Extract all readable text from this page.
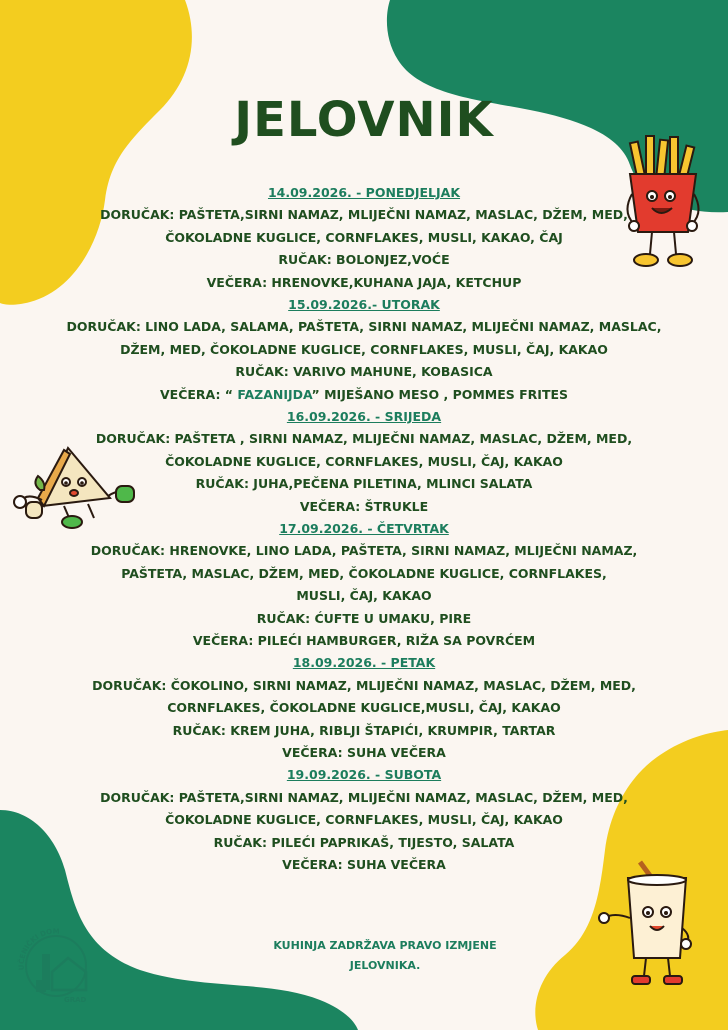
JELOVNIK
14.09.2026. - PONEDJELJAK
DORUČAK: PAŠTETA,SIRNI NAMAZ, MLIJEČNI NAMAZ, MASLAC, DŽEM, MED,
ČOKOLADNE KUGLICE, CORNFLAKES, MUSLI, KAKAO, ČAJ
RUČAK: BOLONJEZ,VOĆE
VEČERA: HRENOVKE,KUHANA JAJA, KETCHUP
15.09.2026.- UTORAK
DORUČAK: LINO LADA, SALAMA, PAŠTETA, SIRNI NAMAZ, MLIJEČNI NAMAZ, MASLAC,
DŽEM, MED, ČOKOLADNE KUGLICE, CORNFLAKES, MUSLI, ČAJ, KAKAO
RUČAK: VARIVO MAHUNE, KOBASICA
VEČERA: “ FAZANIJDA” MIJEŠANO MESO , POMMES FRITES
16.09.2026. - SRIJEDA
DORUČAK: PAŠTETA , SIRNI NAMAZ, MLIJEČNI NAMAZ, MASLAC, DŽEM, MED,
ČOKOLADNE KUGLICE, CORNFLAKES, MUSLI, ČAJ, KAKAO
RUČAK: JUHA,PEČENA PILETINA, MLINCI SALATA
VEČERA: ŠTRUKLE
17.09.2026. - ČETVRTAK
DORUČAK: HRENOVKE, LINO LADA, PAŠTETA, SIRNI NAMAZ, MLIJEČNI NAMAZ,
PAŠTETA, MASLAC, DŽEM, MED, ČOKOLADNE KUGLICE, CORNFLAKES,
MUSLI, ČAJ, KAKAO
RUČAK: ĆUFTE U UMAKU, PIRE
VEČERA: PILEĆI HAMBURGER, RIŽA SA POVRĆEM
18.09.2026. - PETAK
DORUČAK: ČOKOLINO, SIRNI NAMAZ, MLIJEČNI NAMAZ, MASLAC, DŽEM, MED,
CORNFLAKES, ČOKOLADNE KUGLICE,MUSLI, ČAJ, KAKAO
RUČAK: KREM JUHA, RIBLJI ŠTAPIĆI, KRUMPIR, TARTAR
VEČERA: SUHA VEČERA
19.09.2026. - SUBOTA
DORUČAK: PAŠTETA,SIRNI NAMAZ, MLIJEČNI NAMAZ, MASLAC, DŽEM, MED,
ČOKOLADNE KUGLICE, CORNFLAKES, MUSLI, ČAJ, KAKAO
RUČAK: PILEĆI PAPRIKAŠ, TIJESTO, SALATA
VEČERA: SUHA VEČERA
KUHINJA ZADRŽAVA PRAVO IZMJENE
JELOVNIKA.
UČENIČKI DOM
GRAD
